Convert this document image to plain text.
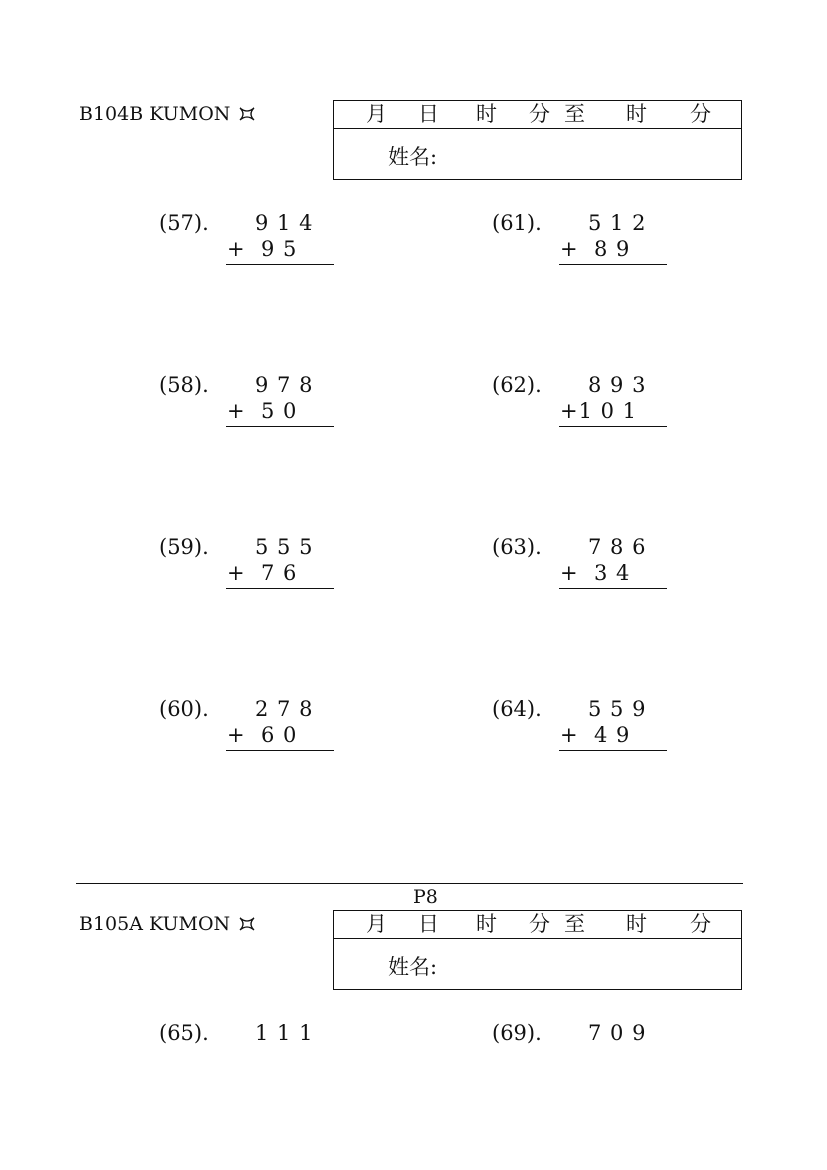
B104B KUMON	月 日 时 分 至 时 分
姓名:
(57). 9 1 4
+  9 5
(58). 9 7 8
+  5 0
(59). 5 5 5
+  7 6
(60). 2 7 8
+  6 0
(61). 5 1 2
+  8 9
(62). 8 9 3
+1 0 1
(63). 7 8 6
+  3 4
(64). 5 5 9
+  4 9
P8
B105A KUMON	月 日 时 分 至 时 分
姓名:
(65). 1 1 1	(69). 7 0 9
